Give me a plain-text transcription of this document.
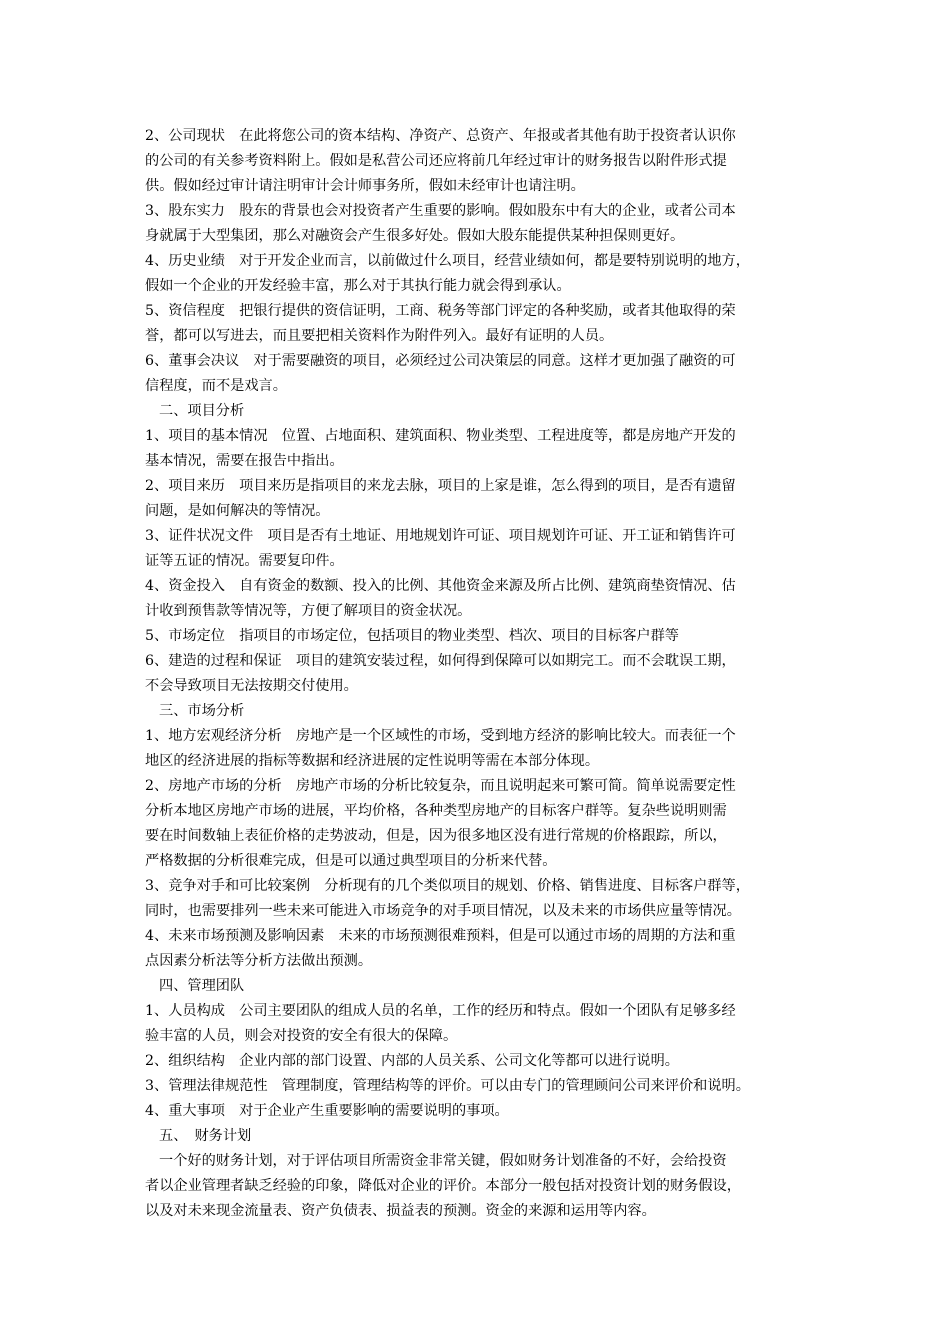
2、公司现状　在此将您公司的资本结构、净资产、总资产、年报或者其他有助于投资者认识你
的公司的有关参考资料附上。假如是私营公司还应将前几年经过审计的财务报告以附件形式提
供。假如经过审计请注明审计会计师事务所，假如未经审计也请注明。
3、股东实力　股东的背景也会对投资者产生重要的影响。假如股东中有大的企业，或者公司本
身就属于大型集团，那么对融资会产生很多好处。假如大股东能提供某种担保则更好。
4、历史业绩　对于开发企业而言，以前做过什么项目，经营业绩如何，都是要特别说明的地方，
假如一个企业的开发经验丰富，那么对于其执行能力就会得到承认。
5、资信程度　把银行提供的资信证明，工商、税务等部门评定的各种奖励，或者其他取得的荣
誉，都可以写进去，而且要把相关资料作为附件列入。最好有证明的人员。
6、董事会决议　对于需要融资的项目，必须经过公司决策层的同意。这样才更加强了融资的可
信程度，而不是戏言。
二、项目分析
1、项目的基本情况　位置、占地面积、建筑面积、物业类型、工程进度等，都是房地产开发的
基本情况，需要在报告中指出。
2、项目来历　项目来历是指项目的来龙去脉，项目的上家是谁，怎么得到的项目，是否有遗留
问题，是如何解决的等情况。
3、证件状况文件　项目是否有土地证、用地规划许可证、项目规划许可证、开工证和销售许可
证等五证的情况。需要复印件。
4、资金投入　自有资金的数额、投入的比例、其他资金来源及所占比例、建筑商垫资情况、估
计收到预售款等情况等，方便了解项目的资金状况。
5、市场定位　指项目的市场定位，包括项目的物业类型、档次、项目的目标客户群等
6、建造的过程和保证　项目的建筑安装过程，如何得到保障可以如期完工。而不会耽误工期，
不会导致项目无法按期交付使用。
三、市场分析
1、地方宏观经济分析　房地产是一个区域性的市场，受到地方经济的影响比较大。而表征一个
地区的经济进展的指标等数据和经济进展的定性说明等需在本部分体现。
2、房地产市场的分析　房地产市场的分析比较复杂，而且说明起来可繁可简。简单说需要定性
分析本地区房地产市场的进展，平均价格，各种类型房地产的目标客户群等。复杂些说明则需
要在时间数轴上表征价格的走势波动，但是，因为很多地区没有进行常规的价格跟踪，所以，
严格数据的分析很难完成，但是可以通过典型项目的分析来代替。
3、竞争对手和可比较案例　分析现有的几个类似项目的规划、价格、销售进度、目标客户群等，
同时，也需要排列一些未来可能进入市场竞争的对手项目情况，以及未来的市场供应量等情况。
4、未来市场预测及影响因素　未来的市场预测很难预料，但是可以通过市场的周期的方法和重
点因素分析法等分析方法做出预测。
四、管理团队
1、人员构成　公司主要团队的组成人员的名单，工作的经历和特点。假如一个团队有足够多经
验丰富的人员，则会对投资的安全有很大的保障。
2、组织结构　企业内部的部门设置、内部的人员关系、公司文化等都可以进行说明。
3、管理法律规范性　管理制度，管理结构等的评价。可以由专门的管理顾问公司来评价和说明。
4、重大事项　对于企业产生重要影响的需要说明的事项。
五、　财务计划
一个好的财务计划，对于评估项目所需资金非常关键，假如财务计划准备的不好，会给投资
者以企业管理者缺乏经验的印象，降低对企业的评价。本部分一般包括对投资计划的财务假设，
以及对未来现金流量表、资产负债表、损益表的预测。资金的来源和运用等内容。
